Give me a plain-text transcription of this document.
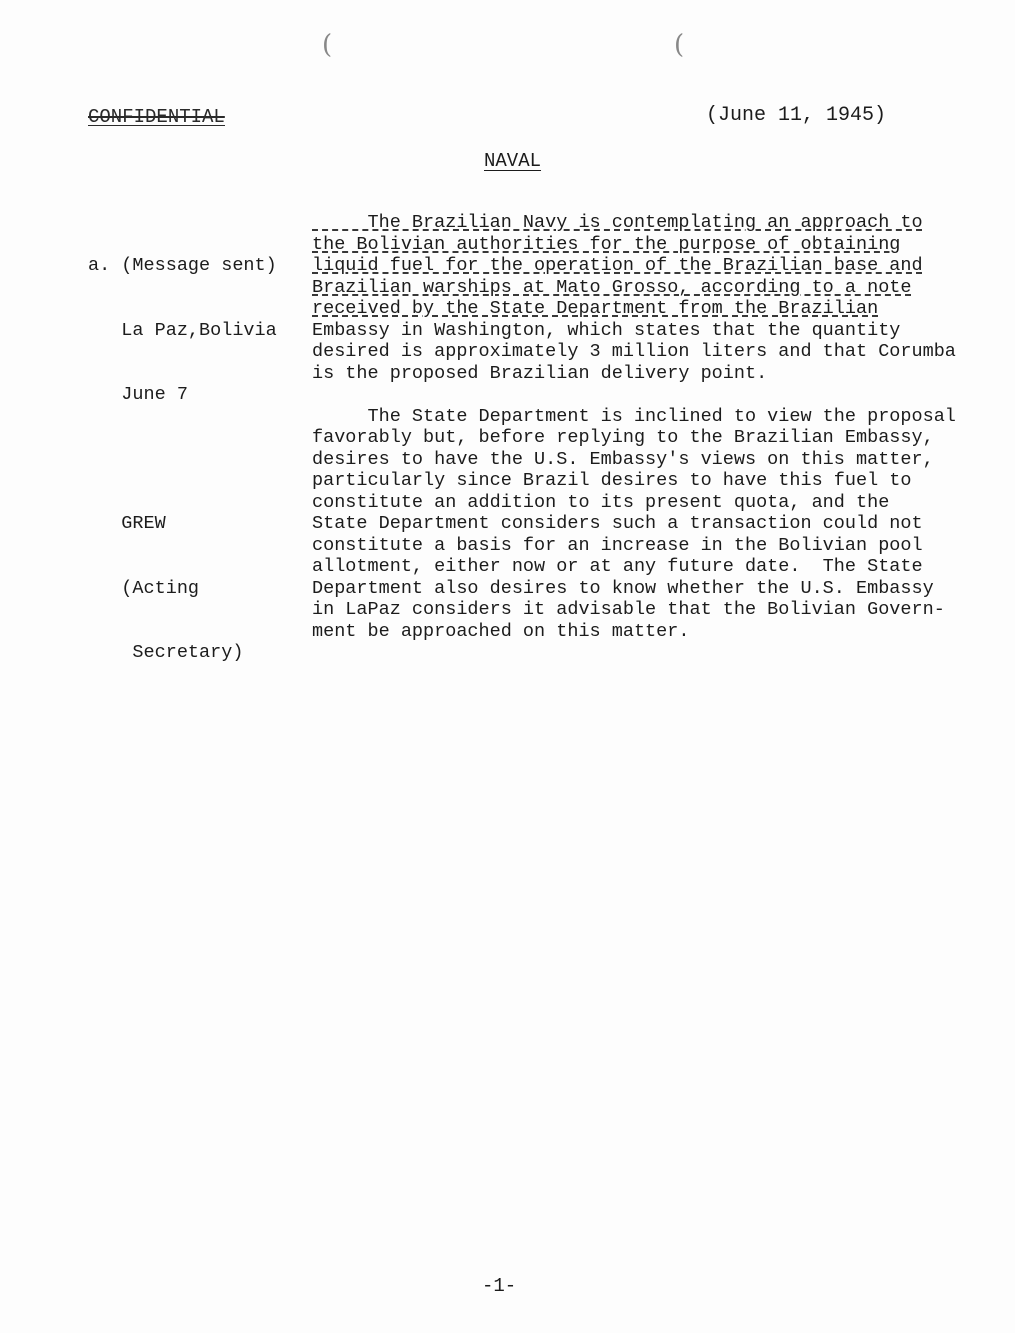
(	(
CONFIDENTIAL	(June 11, 1945)
NAVAL

a. (Message sent)

La Paz,Bolivia

June 7

GREW

(Acting

Secretary)

The Brazilian Navy is contemplating an approach to
the Bolivian authorities for the purpose of obtaining
liquid fuel for the operation of the Brazilian base and
Brazilian warships at Mato Grosso, according to a note
received by the State Department from the Brazilian
Embassy in Washington, which states that the quantity
desired is approximately 3 million liters and that Corumba
is the proposed Brazilian delivery point.
The State Department is inclined to view the proposal
favorably but, before replying to the Brazilian Embassy,
desires to have the U.S. Embassy's views on this matter,
particularly since Brazil desires to have this fuel to
constitute an addition to its present quota, and the
State Department considers such a transaction could not
constitute a basis for an increase in the Bolivian pool
allotment, either now or at any future date.  The State
Department also desires to know whether the U.S. Embassy
in LaPaz considers it advisable that the Bolivian Govern-
ment be approached on this matter.
-1-
